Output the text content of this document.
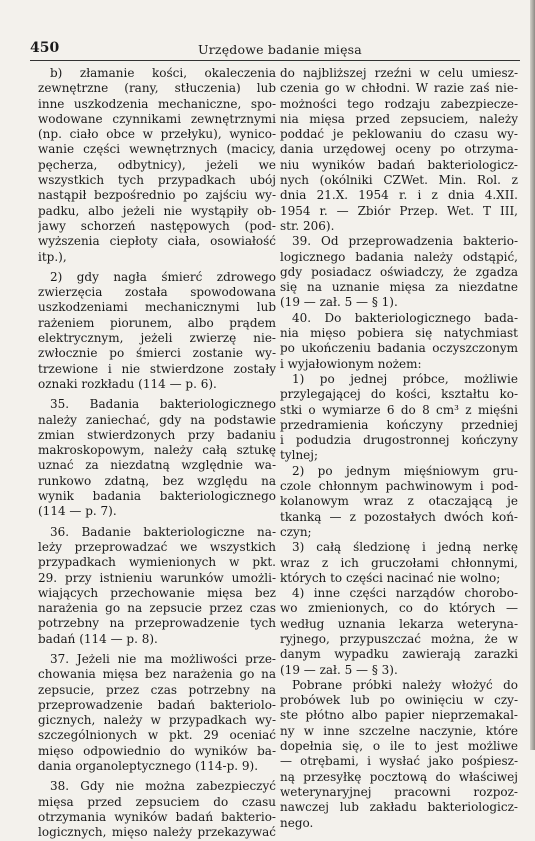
450	Urzędowe badanie mięsa
b) złamanie kości, okaleczenia
zewnętrzne (rany, stłuczenia) lub
inne uszkodzenia mechaniczne, spo-
wodowane czynnikami zewnętrznymi
(np. ciało obce w przełyku), wynico-
wanie części wewnętrznych (macicy,
pęcherza, odbytnicy), jeżeli we
wszystkich tych przypadkach ubój
nastąpił bezpośrednio po zajściu wy-
padku, albo jeżeli nie wystąpiły ob-
jawy schorzeń następowych (pod-
wyższenia ciepłoty ciała, osowiałość
itp.),
2) gdy nagła śmierć zdrowego
zwierzęcia została spowodowana
uszkodzeniami mechanicznymi lub
rażeniem piorunem, albo prądem
elektrycznym, jeżeli zwierzę nie-
zwłocznie po śmierci zostanie wy-
trzewione i nie stwierdzone zostały
oznaki rozkładu (114 — p. 6).
35. Badania bakteriologicznego
należy zaniechać, gdy na podstawie
zmian stwierdzonych przy badaniu
makroskopowym, należy całą sztukę
uznać za niezdatną względnie wa-
runkowo zdatną, bez względu na
wynik badania bakteriologicznego
(114 — p. 7).
36. Badanie bakteriologiczne na-
leży przeprowadzać we wszystkich
przypadkach wymienionych w pkt.
29. przy istnieniu warunków umożli-
wiających przechowanie mięsa bez
narażenia go na zepsucie przez czas
potrzebny na przeprowadzenie tych
badań (114 — p. 8).
37. Jeżeli nie ma możliwości prze-
chowania mięsa bez narażenia go na
zepsucie, przez czas potrzebny na
przeprowadzenie badań bakteriolo-
gicznych, należy w przypadkach wy-
szczególnionych w pkt. 29 oceniać
mięso odpowiednio do wyników ba-
dania organoleptycznego (114-p. 9).
38. Gdy nie można zabezpieczyć
mięsa przed zepsuciem do czasu
otrzymania wyników badań bakterio-
logicznych, mięso należy przekazywać
do najbliższej rzeźni w celu umiesz-
czenia go w chłodni. W razie zaś nie-
możności tego rodzaju zabezpiecze-
nia mięsa przed zepsuciem, należy
poddać je peklowaniu do czasu wy-
dania urzędowej oceny po otrzyma-
niu wyników badań bakteriologicz-
nych (okólniki CZWet. Min. Rol. z
dnia 21.X. 1954 r. i z dnia 4.XII.
1954 r. — Zbiór Przep. Wet. T III,
str. 206).
39. Od przeprowadzenia bakterio-
logicznego badania należy odstąpić,
gdy posiadacz oświadczy, że zgadza
się na uznanie mięsa za niezdatne
(19 — zał. 5 — § 1).
40. Do bakteriologicznego bada-
nia mięso pobiera się natychmiast
po ukończeniu badania oczyszczonym
i wyjałowionym nożem:
1) po jednej próbce, możliwie
przylegającej do kości, kształtu ko-
stki o wymiarze 6 do 8 cm³ z mięśni
przedramienia kończyny przedniej
i podudzia drugostronnej kończyny
tylnej;
2) po jednym mięśniowym gru-
czole chłonnym pachwinowym i pod-
kolanowym wraz z otaczającą je
tkanką — z pozostałych dwóch koń-
czyn;
3) całą śledzionę i jedną nerkę
wraz z ich gruczołami chłonnymi,
których to części nacinać nie wolno;
4) inne części narządów chorobo-
wo zmienionych, co do których —
według uznania lekarza weteryna-
ryjnego, przypuszczać można, że w
danym wypadku zawierają zarazki
(19 — zał. 5 — § 3).
Pobrane próbki należy włożyć do
probówek lub po owinięciu w czy-
ste płótno albo papier nieprzemakal-
ny w inne szczelne naczynie, które
dopełnia się, o ile to jest możliwe
— otrębami, i wysłać jako pośpiesz-
ną przesyłkę pocztową do właściwej
weterynaryjnej pracowni rozpoz-
nawczej lub zakładu bakteriologicz-
nego.
